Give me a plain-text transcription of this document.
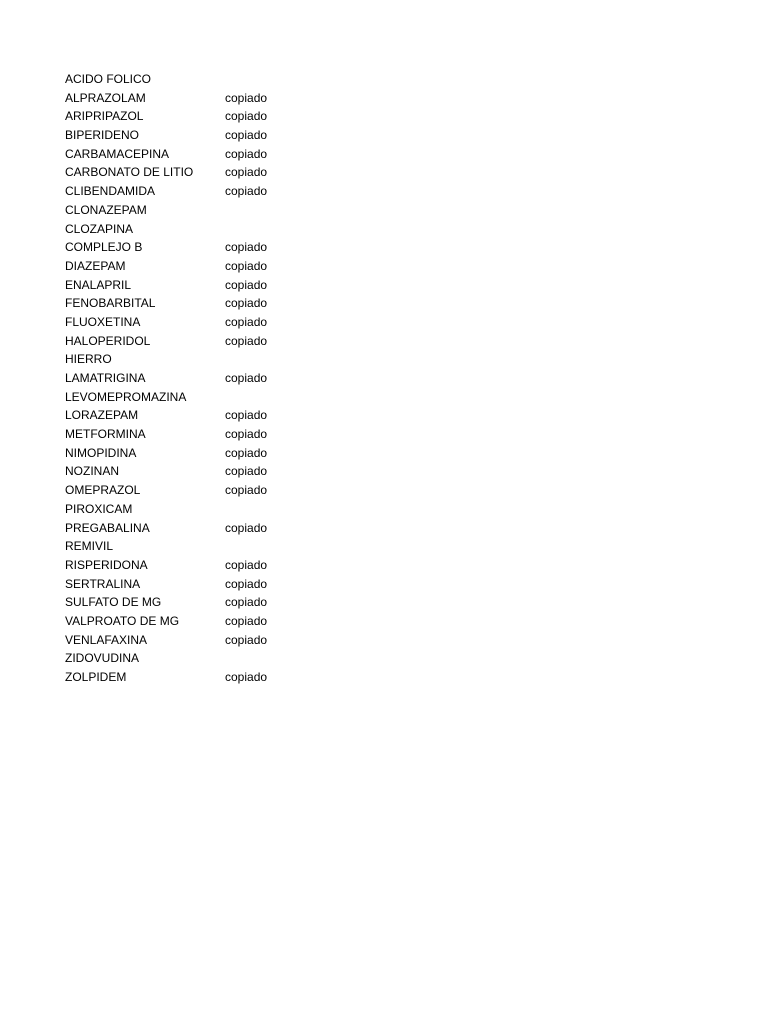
ACIDO FOLICO
ALPRAZOLAM	copiado
ARIPRIPAZOL	copiado
BIPERIDENO	copiado
CARBAMACEPINA	copiado
CARBONATO DE LITIO	copiado
CLIBENDAMIDA	copiado
CLONAZEPAM
CLOZAPINA
COMPLEJO B	copiado
DIAZEPAM	copiado
ENALAPRIL	copiado
FENOBARBITAL	copiado
FLUOXETINA	copiado
HALOPERIDOL	copiado
HIERRO
LAMATRIGINA	copiado
LEVOMEPROMAZINA
LORAZEPAM	copiado
METFORMINA	copiado
NIMOPIDINA	copiado
NOZINAN	copiado
OMEPRAZOL	copiado
PIROXICAM
PREGABALINA	copiado
REMIVIL
RISPERIDONA	copiado
SERTRALINA	copiado
SULFATO DE MG	copiado
VALPROATO DE MG	copiado
VENLAFAXINA	copiado
ZIDOVUDINA
ZOLPIDEM	copiado
